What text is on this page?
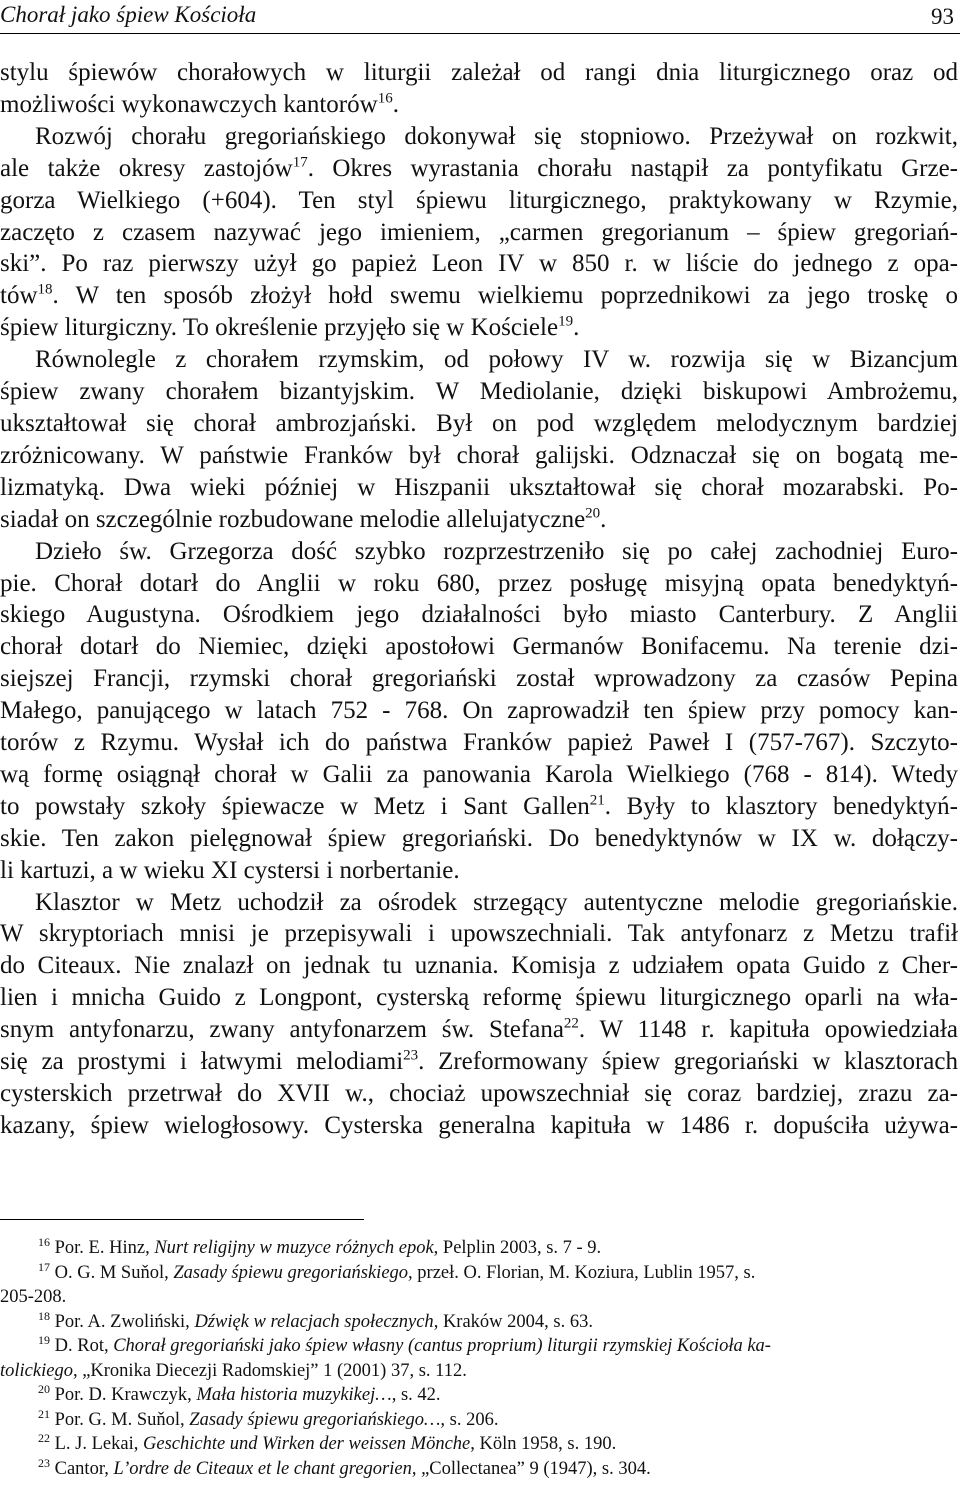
Chorał jako śpiew Kościoła	93

stylu śpiewów chorałowych w liturgii zależał od rangi dnia liturgicznego oraz od

możliwości wykonawczych kantorów$^{16}$.

Rozwój chorału gregoriańskiego dokonywał się stopniowo. Przeżywał on rozkwit,

ale także okresy zastojów$^{17}$. Okres wyrastania chorału nastąpił za pontyfikatu Grze-

gorza Wielkiego (+604). Ten styl śpiewu liturgicznego, praktykowany w Rzymie,

zaczęto z czasem nazywać jego imieniem, „carmen gregorianum – śpiew gregoriań-

ski”. Po raz pierwszy użył go papież Leon IV w 850 r. w liście do jednego z opa-

tów$^{18}$. W ten sposób złożył hołd swemu wielkiemu poprzednikowi za jego troskę o

śpiew liturgiczny. To określenie przyjęło się w Kościele$^{19}$.

Równolegle z chorałem rzymskim, od połowy IV w. rozwija się w Bizancjum

śpiew zwany chorałem bizantyjskim. W Mediolanie, dzięki biskupowi Ambrożemu,

ukształtował się chorał ambrozjański. Był on pod względem melodycznym bardziej

zróżnicowany. W państwie Franków był chorał galijski. Odznaczał się on bogatą me-

lizmatyką. Dwa wieki później w Hiszpanii ukształtował się chorał mozarabski. Po-

siadał on szczególnie rozbudowane melodie allelujatyczne$^{20}$.

Dzieło św. Grzegorza dość szybko rozprzestrzeniło się po całej zachodniej Euro-

pie. Chorał dotarł do Anglii w roku 680, przez posługę misyjną opata benedyktyń-

skiego Augustyna. Ośrodkiem jego działalności było miasto Canterbury. Z Anglii

chorał dotarł do Niemiec, dzięki apostołowi Germanów Bonifacemu. Na terenie dzi-

siejszej Francji, rzymski chorał gregoriański został wprowadzony za czasów Pepina

Małego, panującego w latach 752 - 768. On zaprowadził ten śpiew przy pomocy kan-

torów z Rzymu. Wysłał ich do państwa Franków papież Paweł I (757-767). Szczyto-

wą formę osiągnął chorał w Galii za panowania Karola Wielkiego (768 - 814). Wtedy

to powstały szkoły śpiewacze w Metz i Sant Gallen$^{21}$. Były to klasztory benedyktyń-

skie. Ten zakon pielęgnował śpiew gregoriański. Do benedyktynów w IX w. dołączy-

li kartuzi, a w wieku XI cystersi i norbertanie.

Klasztor w Metz uchodził za ośrodek strzegący autentyczne melodie gregoriańskie.

W skryptoriach mnisi je przepisywali i upowszechniali. Tak antyfonarz z Metzu trafił

do Citeaux. Nie znalazł on jednak tu uznania. Komisja z udziałem opata Guido z Cher-

lien i mnicha Guido z Longpont, cysterską reformę śpiewu liturgicznego oparli na wła-

snym antyfonarzu, zwany antyfonarzem św. Stefana$^{22}$. W 1148 r. kapituła opowiedziała

się za prostymi i łatwymi melodiami$^{23}$. Zreformowany śpiew gregoriański w klasztorach

cysterskich przetrwał do XVII w., chociaż upowszechniał się coraz bardziej, zrazu za-

kazany, śpiew wielogłosowy. Cysterska generalna kapituła w 1486 r. dopuściła używa-

$^{16}$ Por. E. Hinz, Nurt religijny w muzyce różnych epok, Pelplin 2003, s. 7 - 9.

$^{17}$ O. G. M Suňol, Zasady śpiewu gregoriańskiego, przeł. O. Florian, M. Koziura, Lublin 1957, s.
205-208.

$^{18}$ Por. A. Zwoliński, Dźwięk w relacjach społecznych, Kraków 2004, s. 63.

$^{19}$ D. Rot, Chorał gregoriański jako śpiew własny (cantus proprium) liturgii rzymskiej Kościoła ka-
tolickiego, „Kronika Diecezji Radomskiej” 1 (2001) 37, s. 112.

$^{20}$ Por. D. Krawczyk, Mała historia muzykikej…, s. 42.

$^{21}$ Por. G. M. Suňol, Zasady śpiewu gregoriańskiego…, s. 206.

$^{22}$ L. J. Lekai, Geschichte und Wirken der weissen Mönche, Köln 1958, s. 190.

$^{23}$ Cantor, L’ordre de Citeaux et le chant gregorien, „Collectanea” 9 (1947), s. 304.
